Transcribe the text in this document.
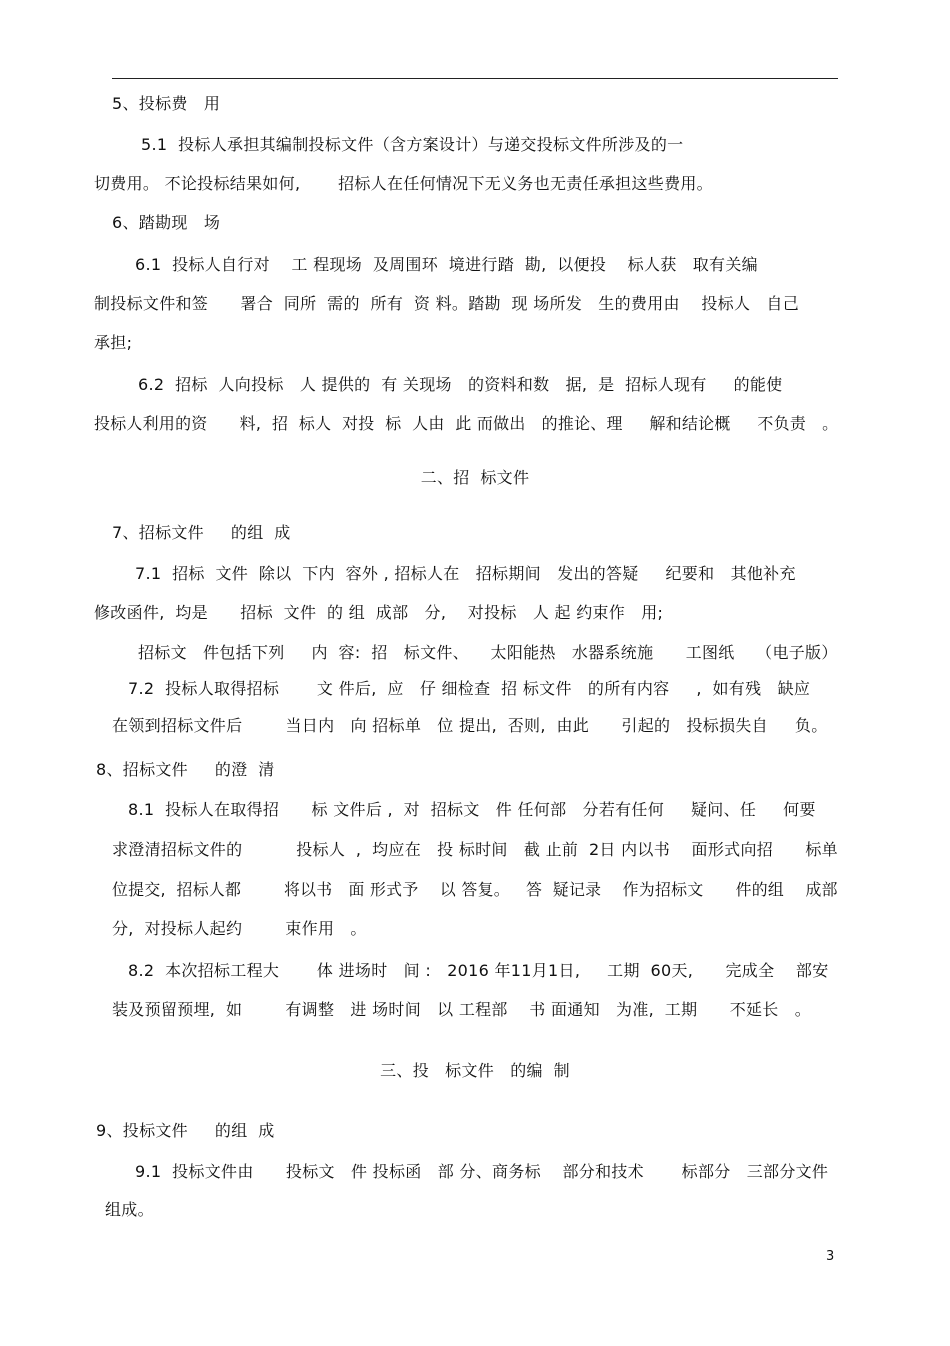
5、投标费   用
5.1  投标人承担其编制投标文件（含方案设计）与递交投标文件所涉及的一
切费用。 不论投标结果如何,       招标人在任何情况下无义务也无责任承担这些费用。
6、踏勘现   场
6.1  投标人自行对    工 程现场  及周围环  境进行踏  勘,  以便投    标人获   取有关编
制投标文件和签      署合  同所  需的  所有  资 料。踏勘  现 场所发   生的费用由    投标人   自己
承担;
6.2  招标  人向投标   人 提供的  有 关现场   的资料和数   据,  是  招标人现有     的能使
投标人利用的资      料,  招  标人  对投  标  人由  此 而做出   的推论、理     解和结论概     不负责   。
二、招  标文件
7、招标文件     的组  成
7.1  招标  文件  除以  下内  容外 , 招标人在   招标期间   发出的答疑     纪要和   其他补充
修改函件,  均是      招标  文件  的 组  成部   分,    对投标   人 起 约束作   用;
招标文   件包括下列     内  容:  招   标文件、    太阳能热   水器系统施      工图纸    （电子版）
7.2  投标人取得招标       文 件后,  应   仔 细检查  招 标文件   的所有内容     ,  如有残   缺应
在领到招标文件后        当日内   向 招标单   位 提出,  否则,  由此      引起的   投标损失自     负。
8、招标文件     的澄  清
8.1  投标人在取得招      标 文件后 ,  对  招标文   件 任何部   分若有任何     疑问、任     何要
求澄清招标文件的          投标人  ,  均应在   投 标时间   截 止前  2日 内以书    面形式向招      标单
位提交,  招标人都        将以书   面 形式予    以 答复。   答  疑记录    作为招标文      件的组    成部
分,  对投标人起约        束作用   。
8.2  本次招标工程大       体 进场时   间 :   2016 年11月1日,     工期  60天,      完成全    部安
装及预留预埋,  如        有调整   进 场时间   以 工程部    书 面通知   为准,  工期      不延长   。
三、投   标文件   的编  制
9、投标文件     的组  成
9.1  投标文件由      投标文   件 投标函   部 分、商务标    部分和技术       标部分   三部分文件
组成。
3
